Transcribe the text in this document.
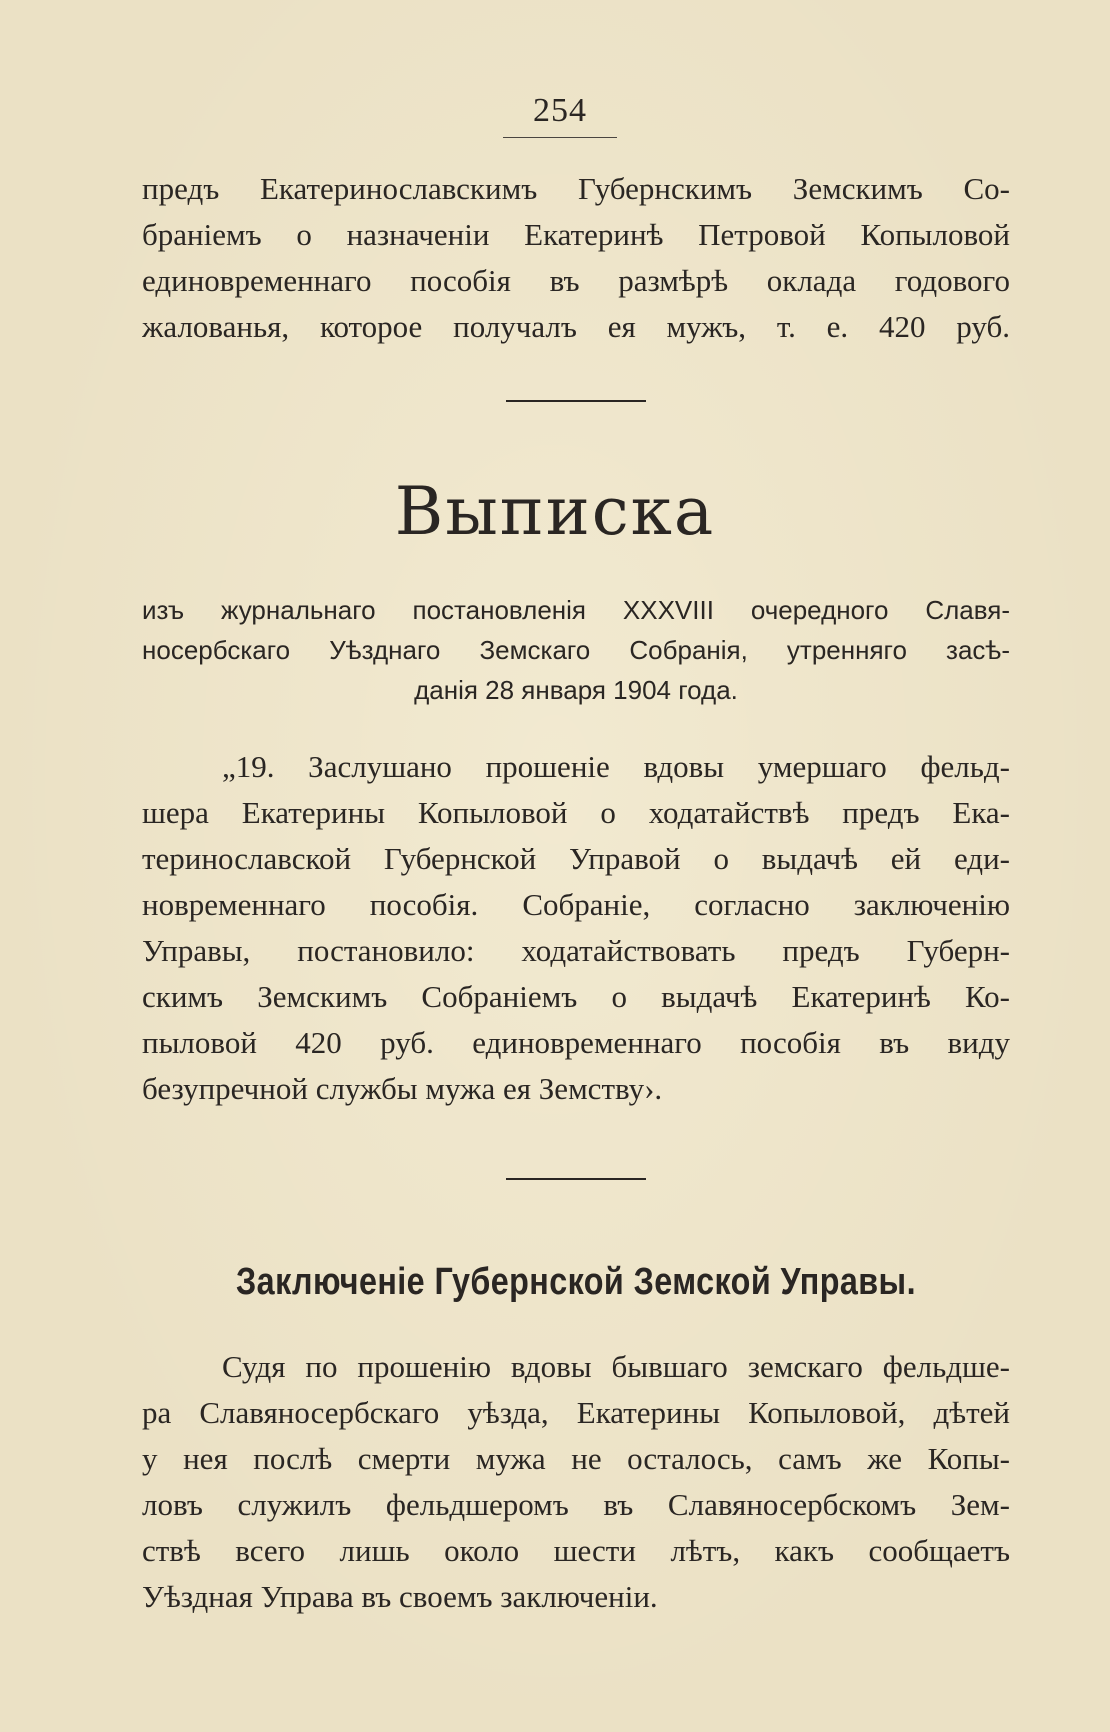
254
предъ Екатеринославскимъ Губернскимъ Земскимъ Со-
браніемъ о назначеніи Екатеринѣ Петровой Копыловой
единовременнаго пособія въ размѣрѣ оклада годового
жалованья, которое получалъ ея мужъ, т. е. 420 руб.
Выписка
изъ журнальнаго постановленія XXXVIII очередного Славя-
носербскаго Уѣзднаго Земскаго Собранія, утренняго засѣ-
данія 28 января 1904 года.
„19. Заслушано прошеніе вдовы умершаго фельд-
шера Екатерины Копыловой о ходатайствѣ предъ Ека-
теринославской Губернской Управой о выдачѣ ей еди-
новременнаго пособія. Собраніе, согласно заключенію
Управы, постановило: ходатайствовать предъ Губерн-
скимъ Земскимъ Собраніемъ о выдачѣ Екатеринѣ Ко-
пыловой 420 руб. единовременнаго пособія въ виду
безупречной службы мужа ея Земству›.
Заключеніе Губернской Земской Управы.
Судя по прошенію вдовы бывшаго земскаго фельдше-
ра Славяносербскаго уѣзда, Екатерины Копыловой, дѣтей
у нея послѣ смерти мужа не осталось, самъ же Копы-
ловъ служилъ фельдшеромъ въ Славяносербскомъ Зем-
ствѣ всего лишь около шести лѣтъ, какъ сообщаетъ
Уѣздная Управа въ своемъ заключеніи.
